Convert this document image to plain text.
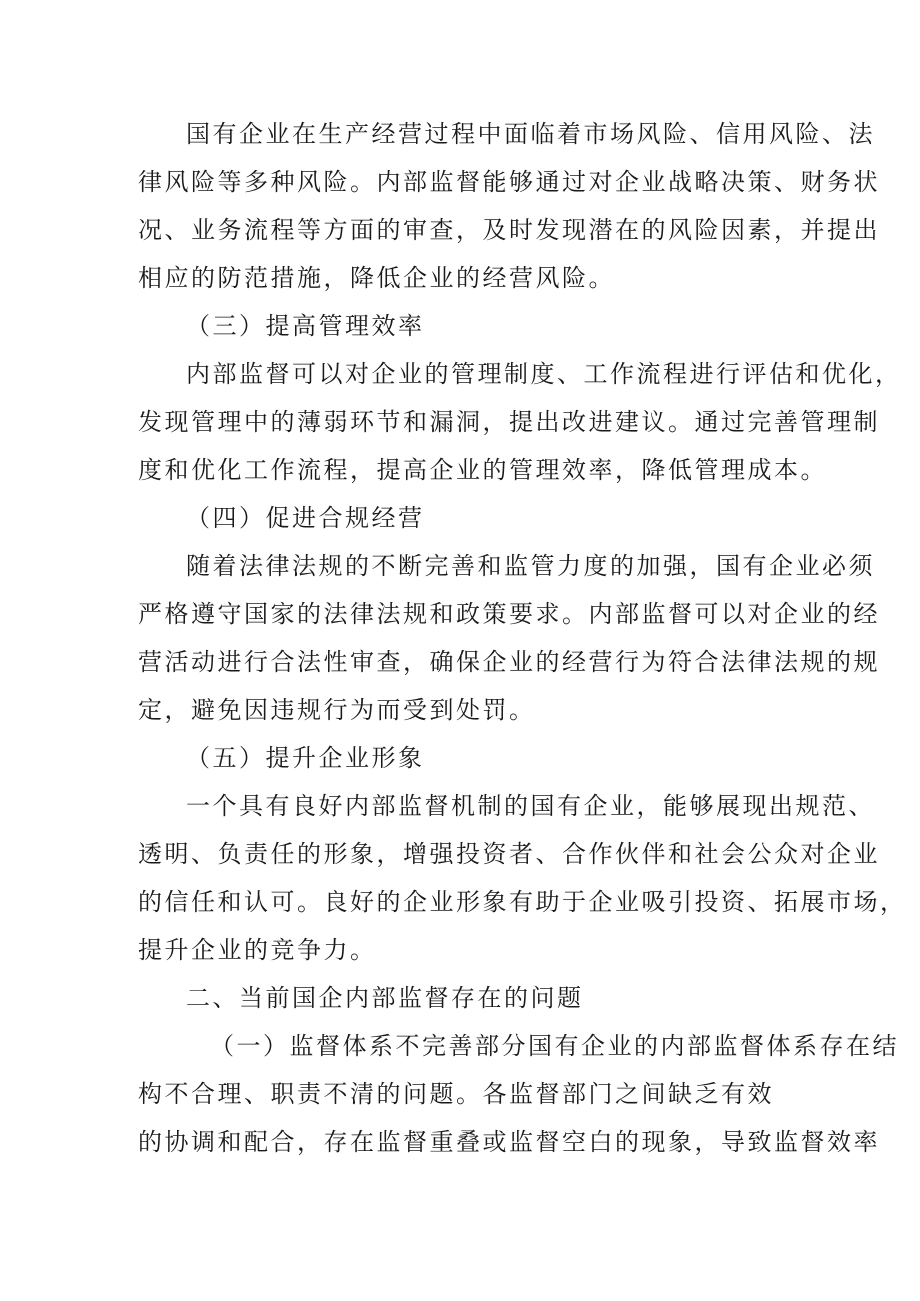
国有企业在生产经营过程中面临着市场风险、信用风险、法
律风险等多种风险。内部监督能够通过对企业战略决策、财务状
况、业务流程等方面的审查，及时发现潜在的风险因素，并提出
相应的防范措施，降低企业的经营风险。
（三）提高管理效率
内部监督可以对企业的管理制度、工作流程进行评估和优化，
发现管理中的薄弱环节和漏洞，提出改进建议。通过完善管理制
度和优化工作流程，提高企业的管理效率，降低管理成本。
（四）促进合规经营
随着法律法规的不断完善和监管力度的加强，国有企业必须
严格遵守国家的法律法规和政策要求。内部监督可以对企业的经
营活动进行合法性审查，确保企业的经营行为符合法律法规的规
定，避免因违规行为而受到处罚。
（五）提升企业形象
一个具有良好内部监督机制的国有企业，能够展现出规范、
透明、负责任的形象，增强投资者、合作伙伴和社会公众对企业
的信任和认可。良好的企业形象有助于企业吸引投资、拓展市场，
提升企业的竞争力。
二、当前国企内部监督存在的问题
（一）监督体系不完善部分国有企业的内部监督体系存在结
构不合理、职责不清的问题。各监督部门之间缺乏有效
的协调和配合，存在监督重叠或监督空白的现象，导致监督效率
